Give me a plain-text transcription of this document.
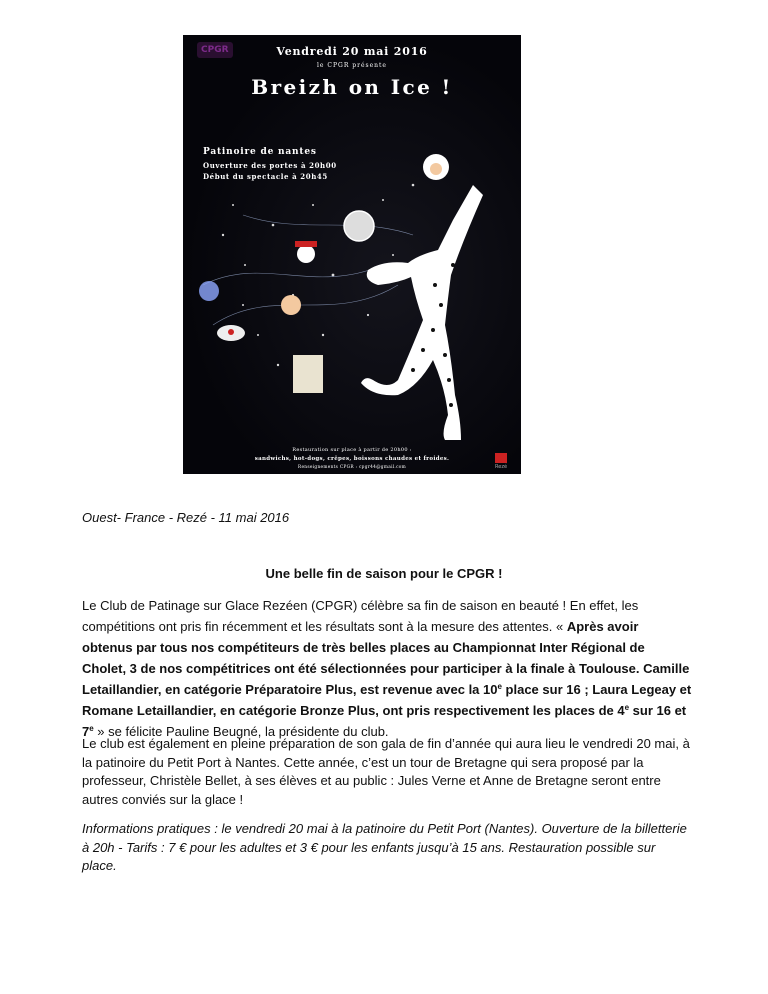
CPGR	Vendredi 20 mai 2016
le CPGR présente
Breizh on Ice !
Patinoire de nantes
Ouverture des portes à 20h00
Début du spectacle à 20h45
Restauration sur place à partir de 20h00 :
sandwichs, hot-dogs, crêpes, boissons chaudes et froides.
Renseignements CPGR : cpgr44@gmail.com	Rezé
Ouest- France - Rezé - 11 mai 2016
Une belle fin de saison pour le CPGR !

Le Club de Patinage sur Glace Rezéen (CPGR) célèbre sa fin de saison en beauté ! En effet, les compétitions ont pris fin récemment et les résultats sont à la mesure des attentes. « Après avoir obtenus par tous nos compétiteurs de très belles places au Championnat Inter Régional de Cholet, 3 de nos compétitrices ont été sélectionnées pour participer à la finale à Toulouse. Camille Letaillandier, en catégorie Préparatoire Plus, est revenue avec la 10e place sur 16 ; Laura Legeay et Romane Letaillandier, en catégorie Bronze Plus, ont pris respectivement les places de 4e sur 16 et 7e » se félicite Pauline Beugné, la présidente du club.

Le club est également en pleine préparation de son gala de fin d’année qui aura lieu le vendredi 20 mai, à la patinoire du Petit Port à Nantes. Cette année, c’est un tour de Bretagne qui sera proposé par la professeur, Christèle Bellet, à ses élèves et au public : Jules Verne et Anne de Bretagne seront entre autres conviés sur la glace !

Informations pratiques : le vendredi 20 mai à la patinoire du Petit Port (Nantes). Ouverture de la billetterie à 20h - Tarifs : 7 € pour les adultes et 3 € pour les enfants jusqu’à 15 ans. Restauration possible sur place.
